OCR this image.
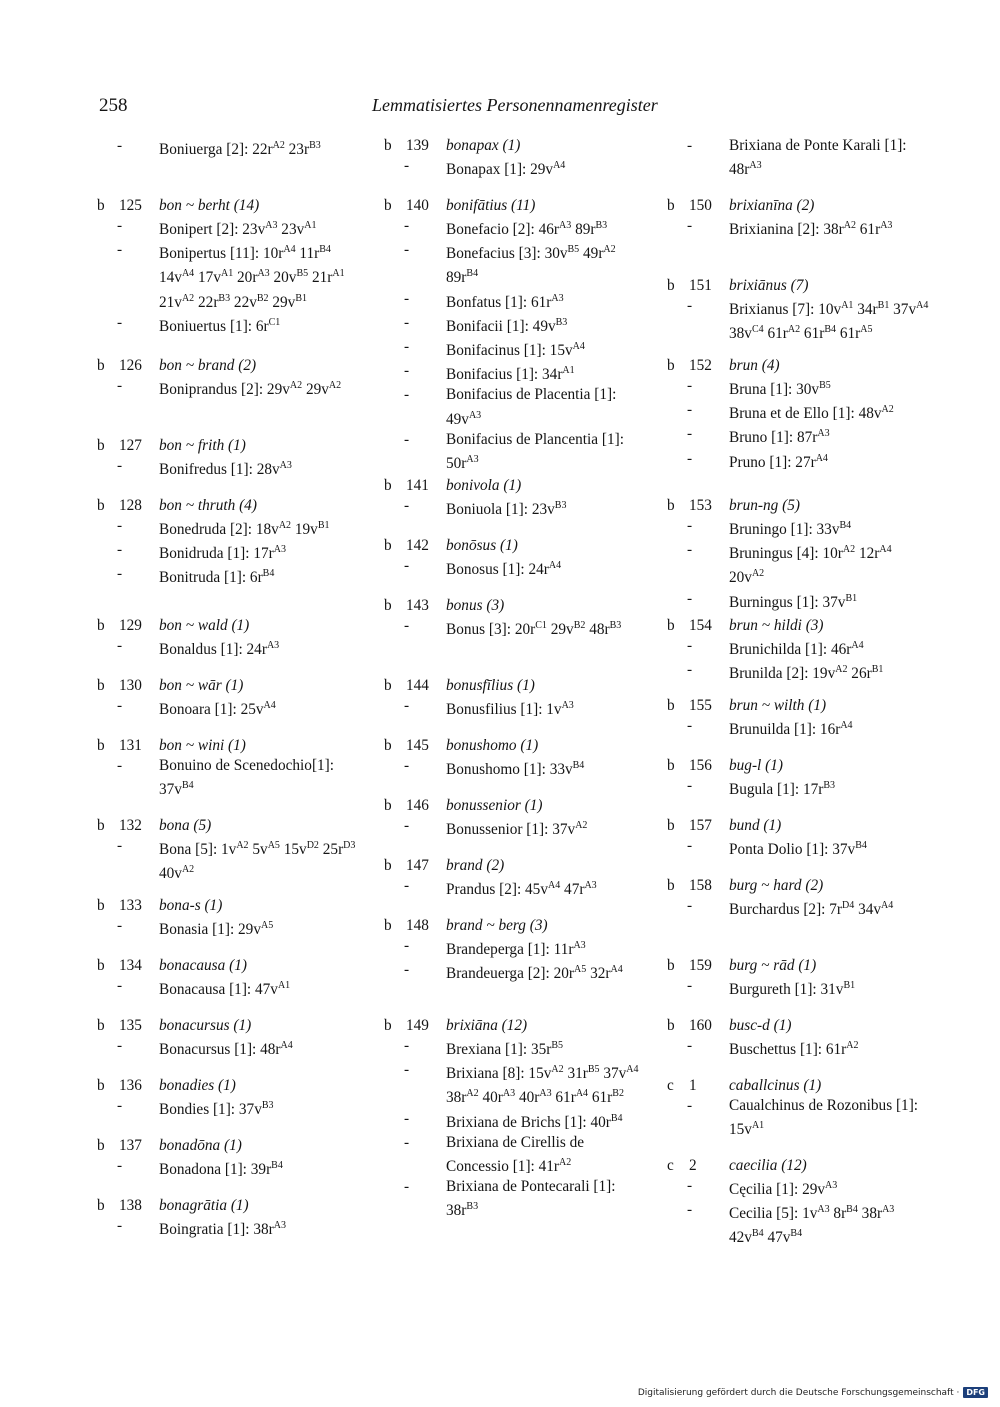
258	Lemmatisiertes Personennamenregister
-	Boniuerga [2]: $22r^{A2}$ $23r^{B3}$
b 125	bon ~ berht (14)
-	Bonipert [2]: $23v^{A3}$ $23v^{A1}$
-	Bonipertus [11]: $10r^{A4}$ $11r^{B4}$ $14v^{A4}$ $17v^{A1}$ $20r^{A3}$ $20v^{B5}$ $21r^{A1}$ $21v^{A2}$ $22r^{B3}$ $22v^{B2}$ $29v^{B1}$
-	Boniuertus [1]: $6r^{C1}$
b 126	bon ~ brand (2)
-	Boniprandus [2]: $29v^{A2}$ $29v^{A2}$
b 127	bon ~ frith (1)
-	Bonifredus [1]: $28v^{A3}$
b 128	bon ~ thruth (4)
-	Bonedruda [2]: $18v^{A2}$ $19v^{B1}$
-	Bonidruda [1]: $17r^{A3}$
-	Bonitruda [1]: $6r^{B4}$
b 129	bon ~ wald (1)
-	Bonaldus [1]: $24r^{A3}$
b 130	bon ~ wār (1)
-	Bonoara [1]: $25v^{A4}$
b 131	bon ~ wini (1)
-	Bonuino de Scenedochio[1]: $37v^{B4}$
b 132	bona (5)
-	Bona [5]: $1v^{A2}$ $5v^{A5}$ $15v^{D2}$ $25r^{D3}$ $40v^{A2}$
b 133	bona-s (1)
-	Bonasia [1]: $29v^{A5}$
b 134	bonacausa (1)
-	Bonacausa [1]: $47v^{A1}$
b 135	bonacursus (1)
-	Bonacursus [1]: $48r^{A4}$
b 136	bonadies (1)
-	Bondies [1]: $37v^{B3}$
b 137	bonadōna (1)
-	Bonadona [1]: $39r^{B4}$
b 138	bonagrātia (1)
-	Boingratia [1]: $38r^{A3}$
b 139	bonapax (1)
-	Bonapax [1]: $29v^{A4}$
b 140	bonifātius (11)
-	Bonefacio [2]: $46r^{A3}$ $89r^{B3}$
-	Bonefacius [3]: $30v^{B5}$ $49r^{A2}$ $89r^{B4}$
-	Bonfatus [1]: $61r^{A3}$
-	Bonifacii [1]: $49v^{B3}$
-	Bonifacinus [1]: $15v^{A4}$
-	Bonifacius [1]: $34r^{A1}$
-	Bonifacius de Placentia [1]: $49v^{A3}$
-	Bonifacius de Plancentia [1]: $50r^{A3}$
b 141	bonivola (1)
-	Boniuola [1]: $23v^{B3}$
b 142	bonōsus (1)
-	Bonosus [1]: $24r^{A4}$
b 143	bonus (3)
-	Bonus [3]: $20r^{C1}$ $29v^{B2}$ $48r^{B3}$
b 144	bonusfīlius (1)
-	Bonusfilius [1]: $1v^{A3}$
b 145	bonushomo (1)
-	Bonushomo [1]: $33v^{B4}$
b 146	bonussenior (1)
-	Bonussenior [1]: $37v^{A2}$
b 147	brand (2)
-	Prandus [2]: $45v^{A4}$ $47r^{A3}$
b 148	brand ~ berg (3)
-	Brandeperga [1]: $11r^{A3}$
-	Brandeuerga [2]: $20r^{A5}$ $32r^{A4}$
b 149	brixiāna (12)
-	Brexiana [1]: $35r^{B5}$
-	Brixiana [8]: $15v^{A2}$ $31r^{B5}$ $37v^{A4}$ $38r^{A2}$ $40r^{A3}$ $40r^{A3}$ $61r^{A4}$ $61r^{B2}$
-	Brixiana de Brichs [1]: $40r^{B4}$
-	Brixiana de Cirellis de Concessio [1]: $41r^{A2}$
-	Brixiana de Pontecarali [1]: $38r^{B3}$
-	Brixiana de Ponte Karali [1]: $48r^{A3}$
b 150	brixianīna (2)
-	Brixianina [2]: $38r^{A2}$ $61r^{A3}$
b 151	brixiānus (7)
-	Brixianus [7]: $10v^{A1}$ $34r^{B1}$ $37v^{A4}$ $38v^{C4}$ $61r^{A2}$ $61r^{B4}$ $61r^{A5}$
b 152	brun (4)
-	Bruna [1]: $30v^{B5}$
-	Bruna et de Ello [1]: $48v^{A2}$
-	Bruno [1]: $87r^{A3}$
-	Pruno [1]: $27r^{A4}$
b 153	brun-ng (5)
-	Bruningo [1]: $33v^{B4}$
-	Bruningus [4]: $10r^{A2}$ $12r^{A4}$ $20v^{A2}$
-	Burningus [1]: $37v^{B1}$
b 154	brun ~ hildi (3)
-	Brunichilda [1]: $46r^{A4}$
-	Brunilda [2]: $19v^{A2}$ $26r^{B1}$
b 155	brun ~ wilth (1)
-	Brunuilda [1]: $16r^{A4}$
b 156	bug-l (1)
-	Bugula [1]: $17r^{B3}$
b 157	bund (1)
-	Ponta Dolio [1]: $37v^{B4}$
b 158	burg ~ hard (2)
-	Burchardus [2]: $7r^{D4}$ $34v^{A4}$
b 159	burg ~ rād (1)
-	Burgureth [1]: $31v^{B1}$
b 160	busc-d (1)
-	Buschettus [1]: $61r^{A2}$
c 1	caballcinus (1)
-	Caualchinus de Rozonibus [1]: $15v^{A1}$
c 2	caecilia (12)
-	Cęcilia [1]: $29v^{A3}$
-	Cecilia [5]: $1v^{A3}$ $8r^{B4}$ $38r^{A3}$ $42v^{B4}$ $47v^{B4}$
Digitalisierung gefördert durch die Deutsche Forschungsgemeinschaft · DFG
